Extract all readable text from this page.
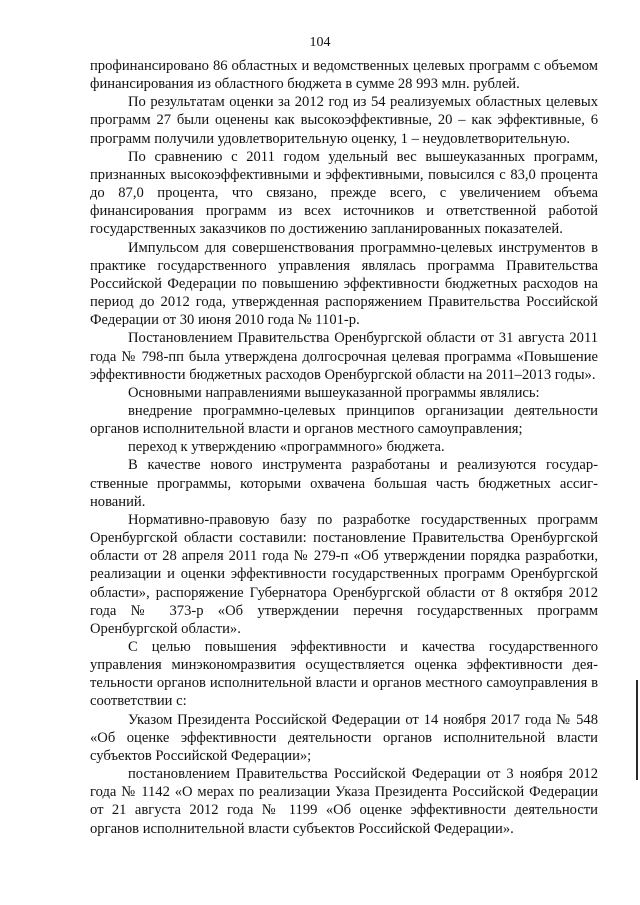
104

профинансировано 86 областных и ведомственных целевых программ с объемом финансирования из областного бюджета в сумме 28 993 млн. рублей.

По результатам оценки за 2012 год из 54 реализуемых областных целевых программ 27 были оценены как высокоэффективные, 20 – как эффективные, 6 программ получили удовлетворительную оценку, 1 – неудовлетворительную.

По сравнению с 2011 годом удельный вес вышеуказанных программ, признанных высокоэффективными и эффективными, повысился с 83,0 процента до 87,0 процента, что связано, прежде всего, с увеличением объема финансирования программ из всех источников и ответственной работой государственных заказчиков по достижению запланированных показателей.

Импульсом для совершенствования программно-целевых инструментов в практике государственного управления являлась программа Правительства Российской Федерации по повышению эффективности бюджетных расходов на период до 2012 года, утвержденная распоряжением Правительства Российской Федерации от 30 июня 2010 года № 1101-р.

Постановлением Правительства Оренбургской области от 31 августа 2011 года № 798-пп была утверждена долгосрочная целевая программа «Повышение эффективности бюджетных расходов Оренбургской области на 2011–2013 годы».

Основными направлениями вышеуказанной программы являлись:

внедрение программно-целевых принципов организации деятельности органов исполнительной власти и органов местного самоуправления;

переход к утверждению «программного» бюджета.

В качестве нового инструмента разработаны и реализуются государственные программы, которыми охвачена большая часть бюджетных ассигнований.

Нормативно-правовую базу по разработке государственных программ Оренбургской области составили: постановление Правительства Оренбургской области от 28 апреля 2011 года № 279-п «Об утверждении порядка разработки, реализации и оценки эффективности государственных программ Оренбургской области», распоряжение Губернатора Оренбургской области от 8 октября 2012 года № 373-р «Об утверждении перечня государственных программ Оренбургской области».

С целью повышения эффективности и качества государственного управления минэкономразвития осуществляется оценка эффективности деятельности органов исполнительной власти и органов местного самоуправления в соответствии с:

Указом Президента Российской Федерации от 14 ноября 2017 года № 548 «Об оценке эффективности деятельности органов исполнительной власти субъектов Российской Федерации»;

постановлением Правительства Российской Федерации от 3 ноября 2012 года № 1142 «О мерах по реализации Указа Президента Российской Федерации от 21 августа 2012 года № 1199 «Об оценке эффективности деятельности органов исполнительной власти субъектов Российской Федерации».
